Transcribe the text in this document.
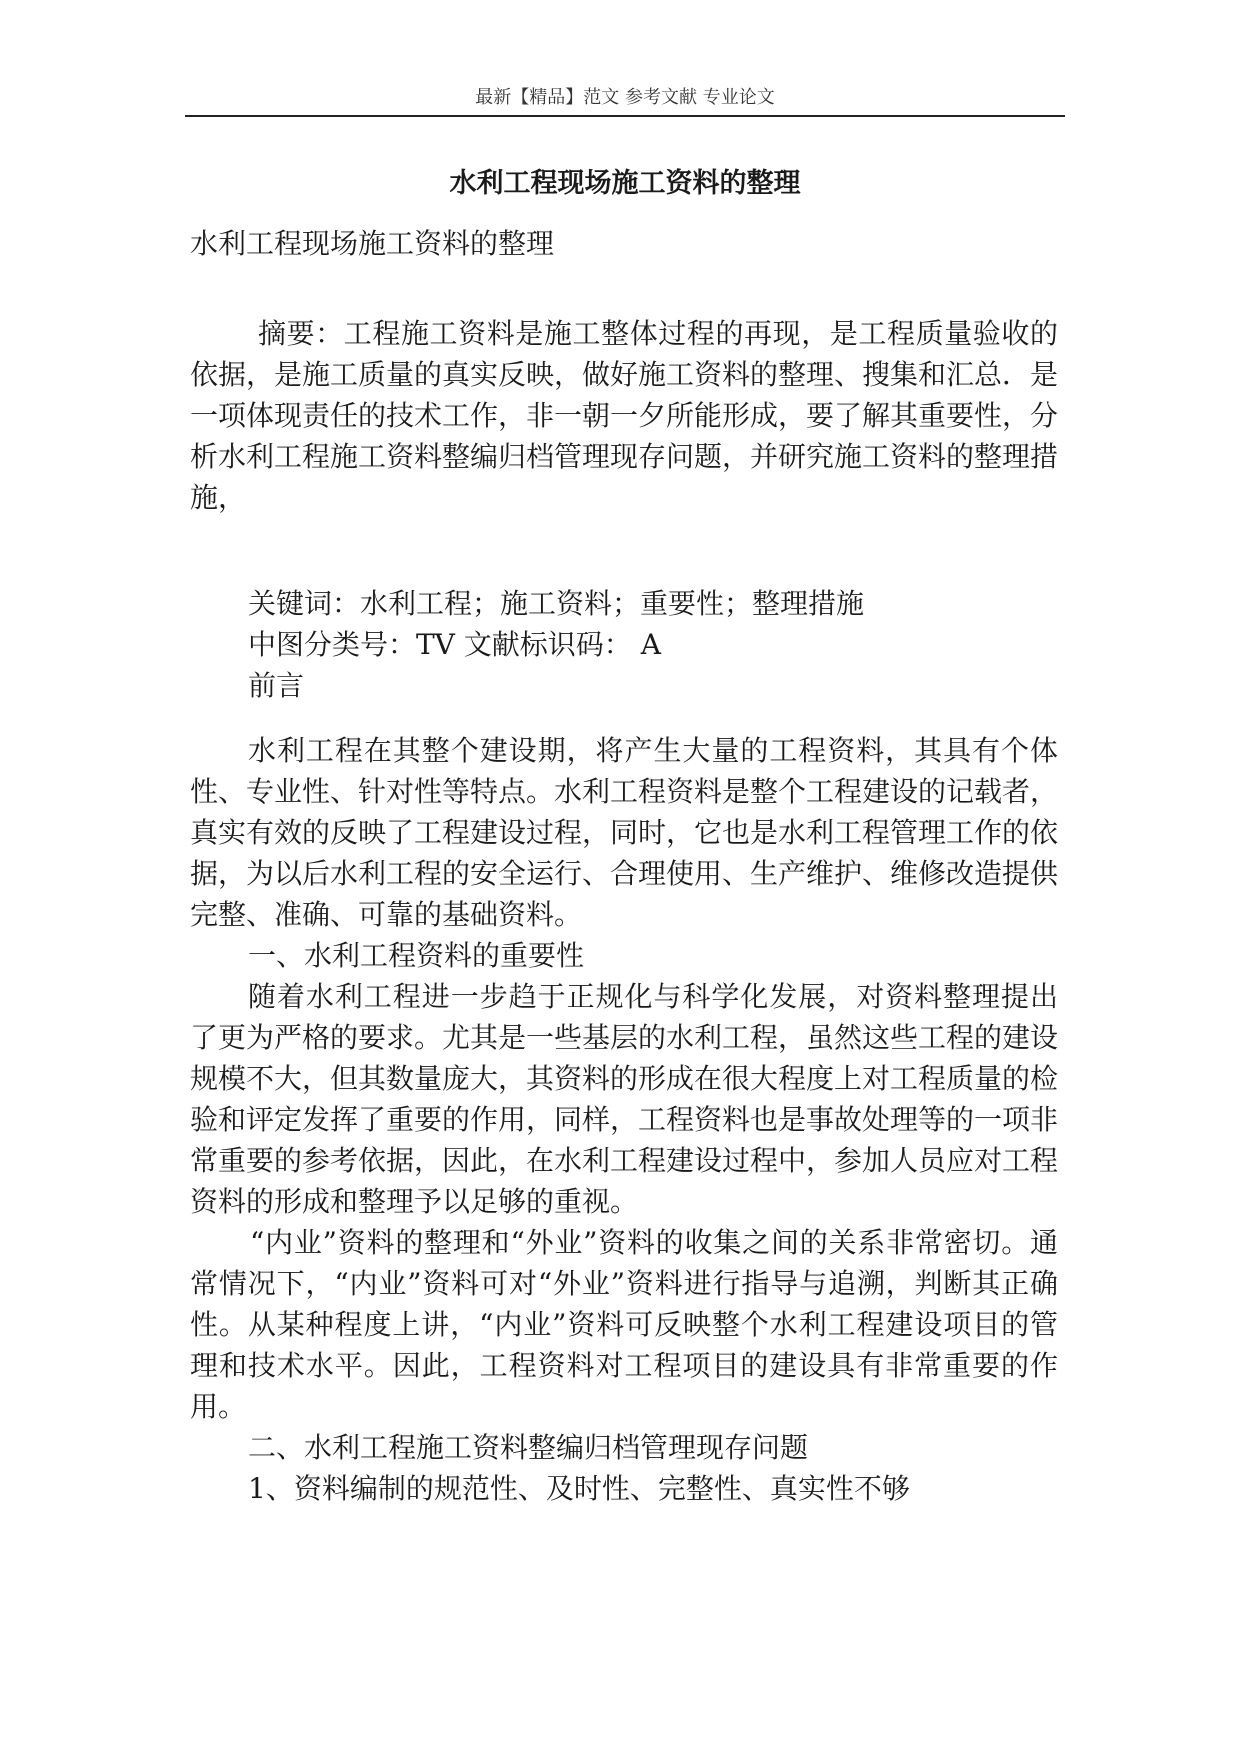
最新【精品】范文 参考文献 专业论文
水利工程现场施工资料的整理
水利工程现场施工资料的整理

摘要：工程施工资料是施工整体过程的再现，是工程质量验收的依据，是施工质量的真实反映，做好施工资料的整理、搜集和汇总．是一项体现责任的技术工作，非一朝一夕所能形成，要了解其重要性，分析水利工程施工资料整编归档管理现存问题，并研究施工资料的整理措施，

关键词：水利工程；施工资料；重要性；整理措施

中图分类号：TV 文献标识码： A

前言

水利工程在其整个建设期，将产生大量的工程资料，其具有个体性、专业性、针对性等特点。水利工程资料是整个工程建设的记载者，真实有效的反映了工程建设过程，同时，它也是水利工程管理工作的依据，为以后水利工程的安全运行、合理使用、生产维护、维修改造提供完整、准确、可靠的基础资料。

一、水利工程资料的重要性

随着水利工程进一步趋于正规化与科学化发展，对资料整理提出了更为严格的要求。尤其是一些基层的水利工程，虽然这些工程的建设规模不大，但其数量庞大，其资料的形成在很大程度上对工程质量的检验和评定发挥了重要的作用，同样，工程资料也是事故处理等的一项非常重要的参考依据，因此，在水利工程建设过程中，参加人员应对工程资料的形成和整理予以足够的重视。

“内业”资料的整理和“外业”资料的收集之间的关系非常密切。通常情况下，“内业”资料可对“外业”资料进行指导与追溯，判断其正确性。从某种程度上讲，“内业”资料可反映整个水利工程建设项目的管理和技术水平。因此，工程资料对工程项目的建设具有非常重要的作用。

二、水利工程施工资料整编归档管理现存问题

1、资料编制的规范性、及时性、完整性、真实性不够
